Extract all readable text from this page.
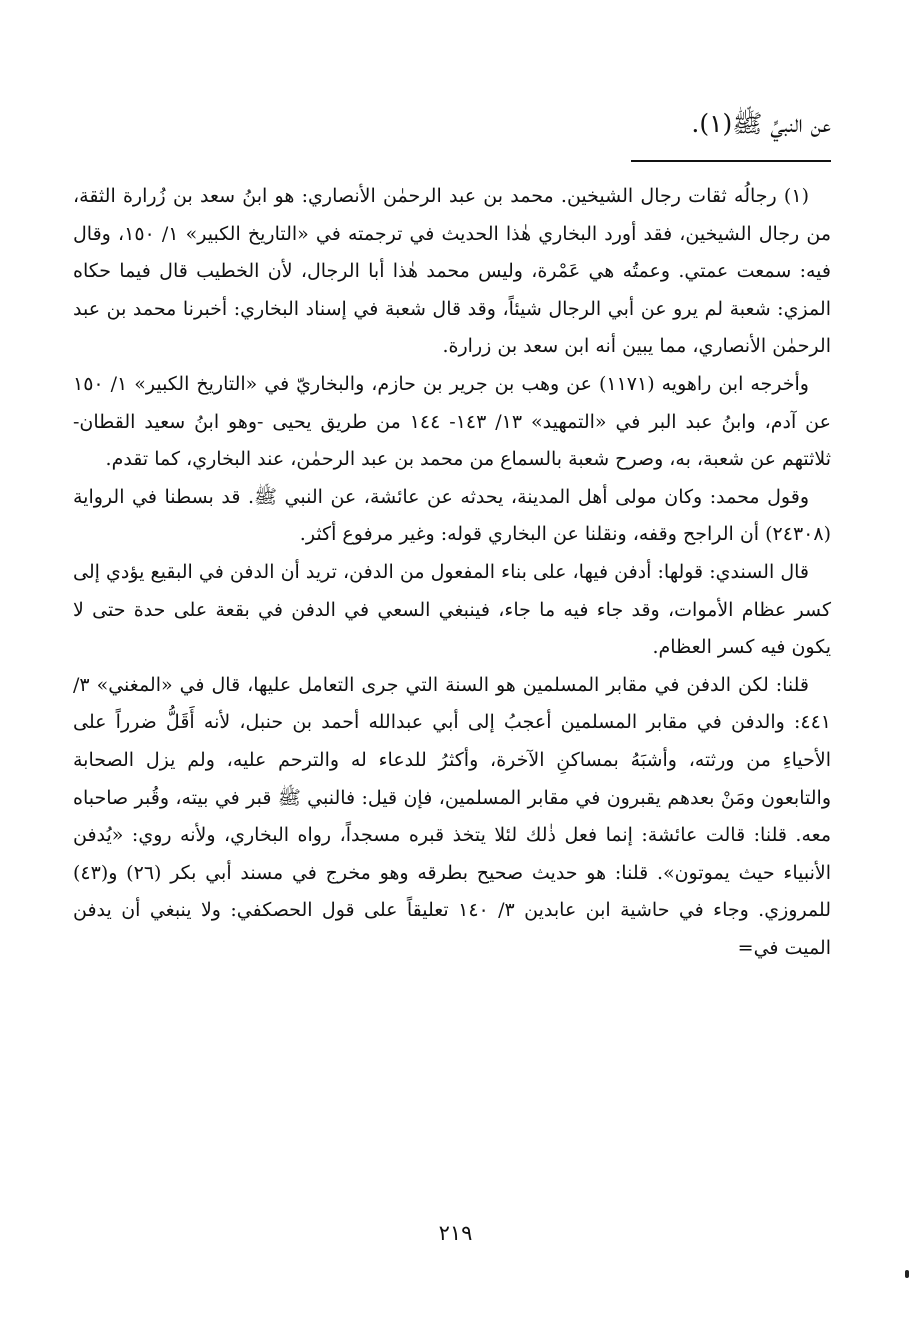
عن النبيِّ ﷺ(١).

(١) رجالُه ثقات رجال الشيخين. محمد بن عبد الرحمٰن الأنصاري: هو ابنُ سعد بن زُرارة الثقة، من رجال الشيخين، فقد أورد البخاري هٰذا الحديث في ترجمته في «التاريخ الكبير» ١/ ١٥٠، وقال فيه: سمعت عمتي. وعمتُه هي عَمْرة، وليس محمد هٰذا أبا الرجال، لأن الخطيب قال فيما حكاه المزي: شعبة لم يرو عن أبي الرجال شيئاً، وقد قال شعبة في إسناد البخاري: أخبرنا محمد بن عبد الرحمٰن الأنصاري، مما يبين أنه ابن سعد بن زرارة.

وأخرجه ابن راهويه (١١٧١) عن وهب بن جرير بن حازم، والبخاريّ في «التاريخ الكبير» ١/ ١٥٠ عن آدم، وابنُ عبد البر في «التمهيد» ١٣/ ١٤٣- ١٤٤ من طريق يحيى -وهو ابنُ سعيد القطان- ثلاثتهم عن شعبة، به، وصرح شعبة بالسماع من محمد بن عبد الرحمٰن، عند البخاري، كما تقدم.

وقول محمد: وكان مولى أهل المدينة، يحدثه عن عائشة، عن النبي ﷺ. قد بسطنا في الرواية (٢٤٣٠٨) أن الراجح وقفه، ونقلنا عن البخاري قوله: وغير مرفوع أكثر.

قال السندي: قولها: أدفن فيها، على بناء المفعول من الدفن، تريد أن الدفن في البقيع يؤدي إلى كسر عظام الأموات، وقد جاء فيه ما جاء، فينبغي السعي في الدفن في بقعة على حدة حتى لا يكون فيه كسر العظام.

قلنا: لكن الدفن في مقابر المسلمين هو السنة التي جرى التعامل عليها، قال في «المغني» ٣/ ٤٤١: والدفن في مقابر المسلمين أعجبُ إلى أبي عبدالله أحمد بن حنبل، لأنه أَقَلُّ ضرراً على الأحياءِ من ورثته، وأشبَهُ بمساكنِ الآخرة، وأكثرُ للدعاء له والترحم عليه، ولم يزل الصحابة والتابعون ومَنْ بعدهم يقبرون في مقابر المسلمين، فإن قيل: فالنبي ﷺ قبر في بيته، وقُبر صاحباه معه. قلنا: قالت عائشة: إنما فعل ذٰلك لئلا يتخذ قبره مسجداً، رواه البخاري، ولأنه روي: «يُدفن الأنبياء حيث يموتون». قلنا: هو حديث صحيح بطرقه وهو مخرج في مسند أبي بكر (٢٦) و(٤٣) للمروزي. وجاء في حاشية ابن عابدين ٣/ ١٤٠ تعليقاً على قول الحصكفي: ولا ينبغي أن يدفن الميت في=

٢١٩
